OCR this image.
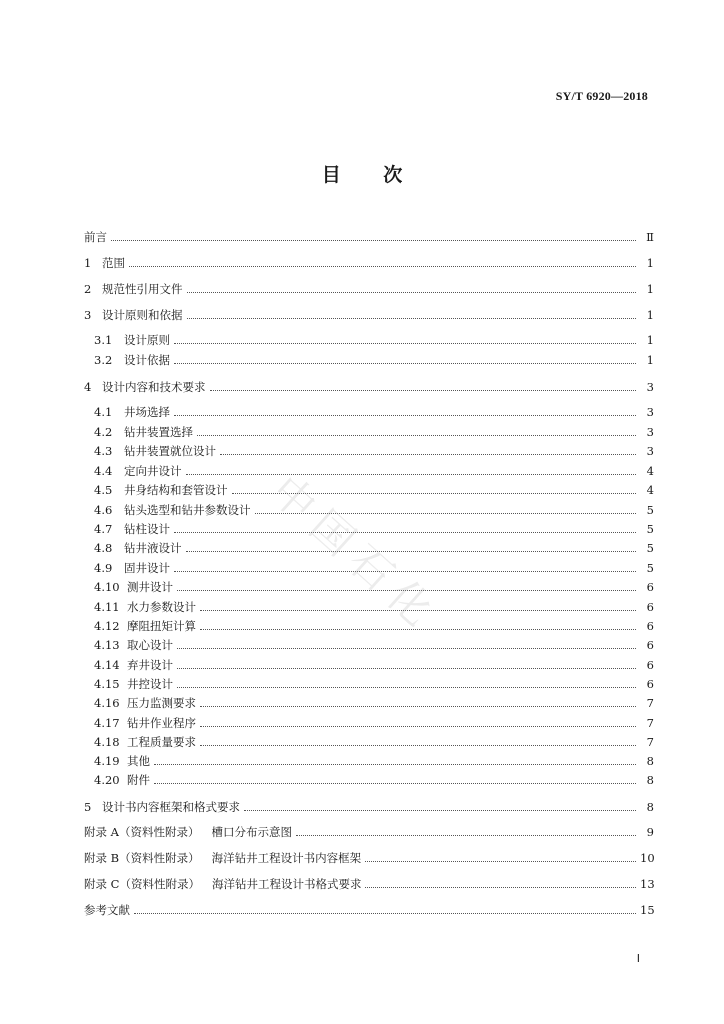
SY/T 6920—2018
目 次
前言	Ⅱ
1 范围	1
2 规范性引用文件	1
3 设计原则和依据	1
3.1	设计原则	1
3.2	设计依据	1
4 设计内容和技术要求	3
4.1	井场选择	3
4.2	钻井装置选择	3
4.3	钻井装置就位设计	3
4.4	定向井设计	4
4.5	井身结构和套管设计	4
4.6	钻头选型和钻井参数设计	5
4.7	钻柱设计	5
4.8	钻井液设计	5
4.9	固井设计	5
4.10 测井设计	6
4.11 水力参数设计	6
4.12 摩阻扭矩计算	6
4.13 取心设计	6
4.14 弃井设计	6
4.15 井控设计	6
4.16 压力监测要求	7
4.17 钻井作业程序	7
4.18 工程质量要求	7
4.19 其他	8
4.20 附件	8
5 设计书内容框架和格式要求	8
附录 A（资料性附录） 槽口分布示意图	9
附录 B（资料性附录） 海洋钻井工程设计书内容框架	10
附录 C（资料性附录） 海洋钻井工程设计书格式要求	13
参考文献	15
中国石化
Ⅰ
